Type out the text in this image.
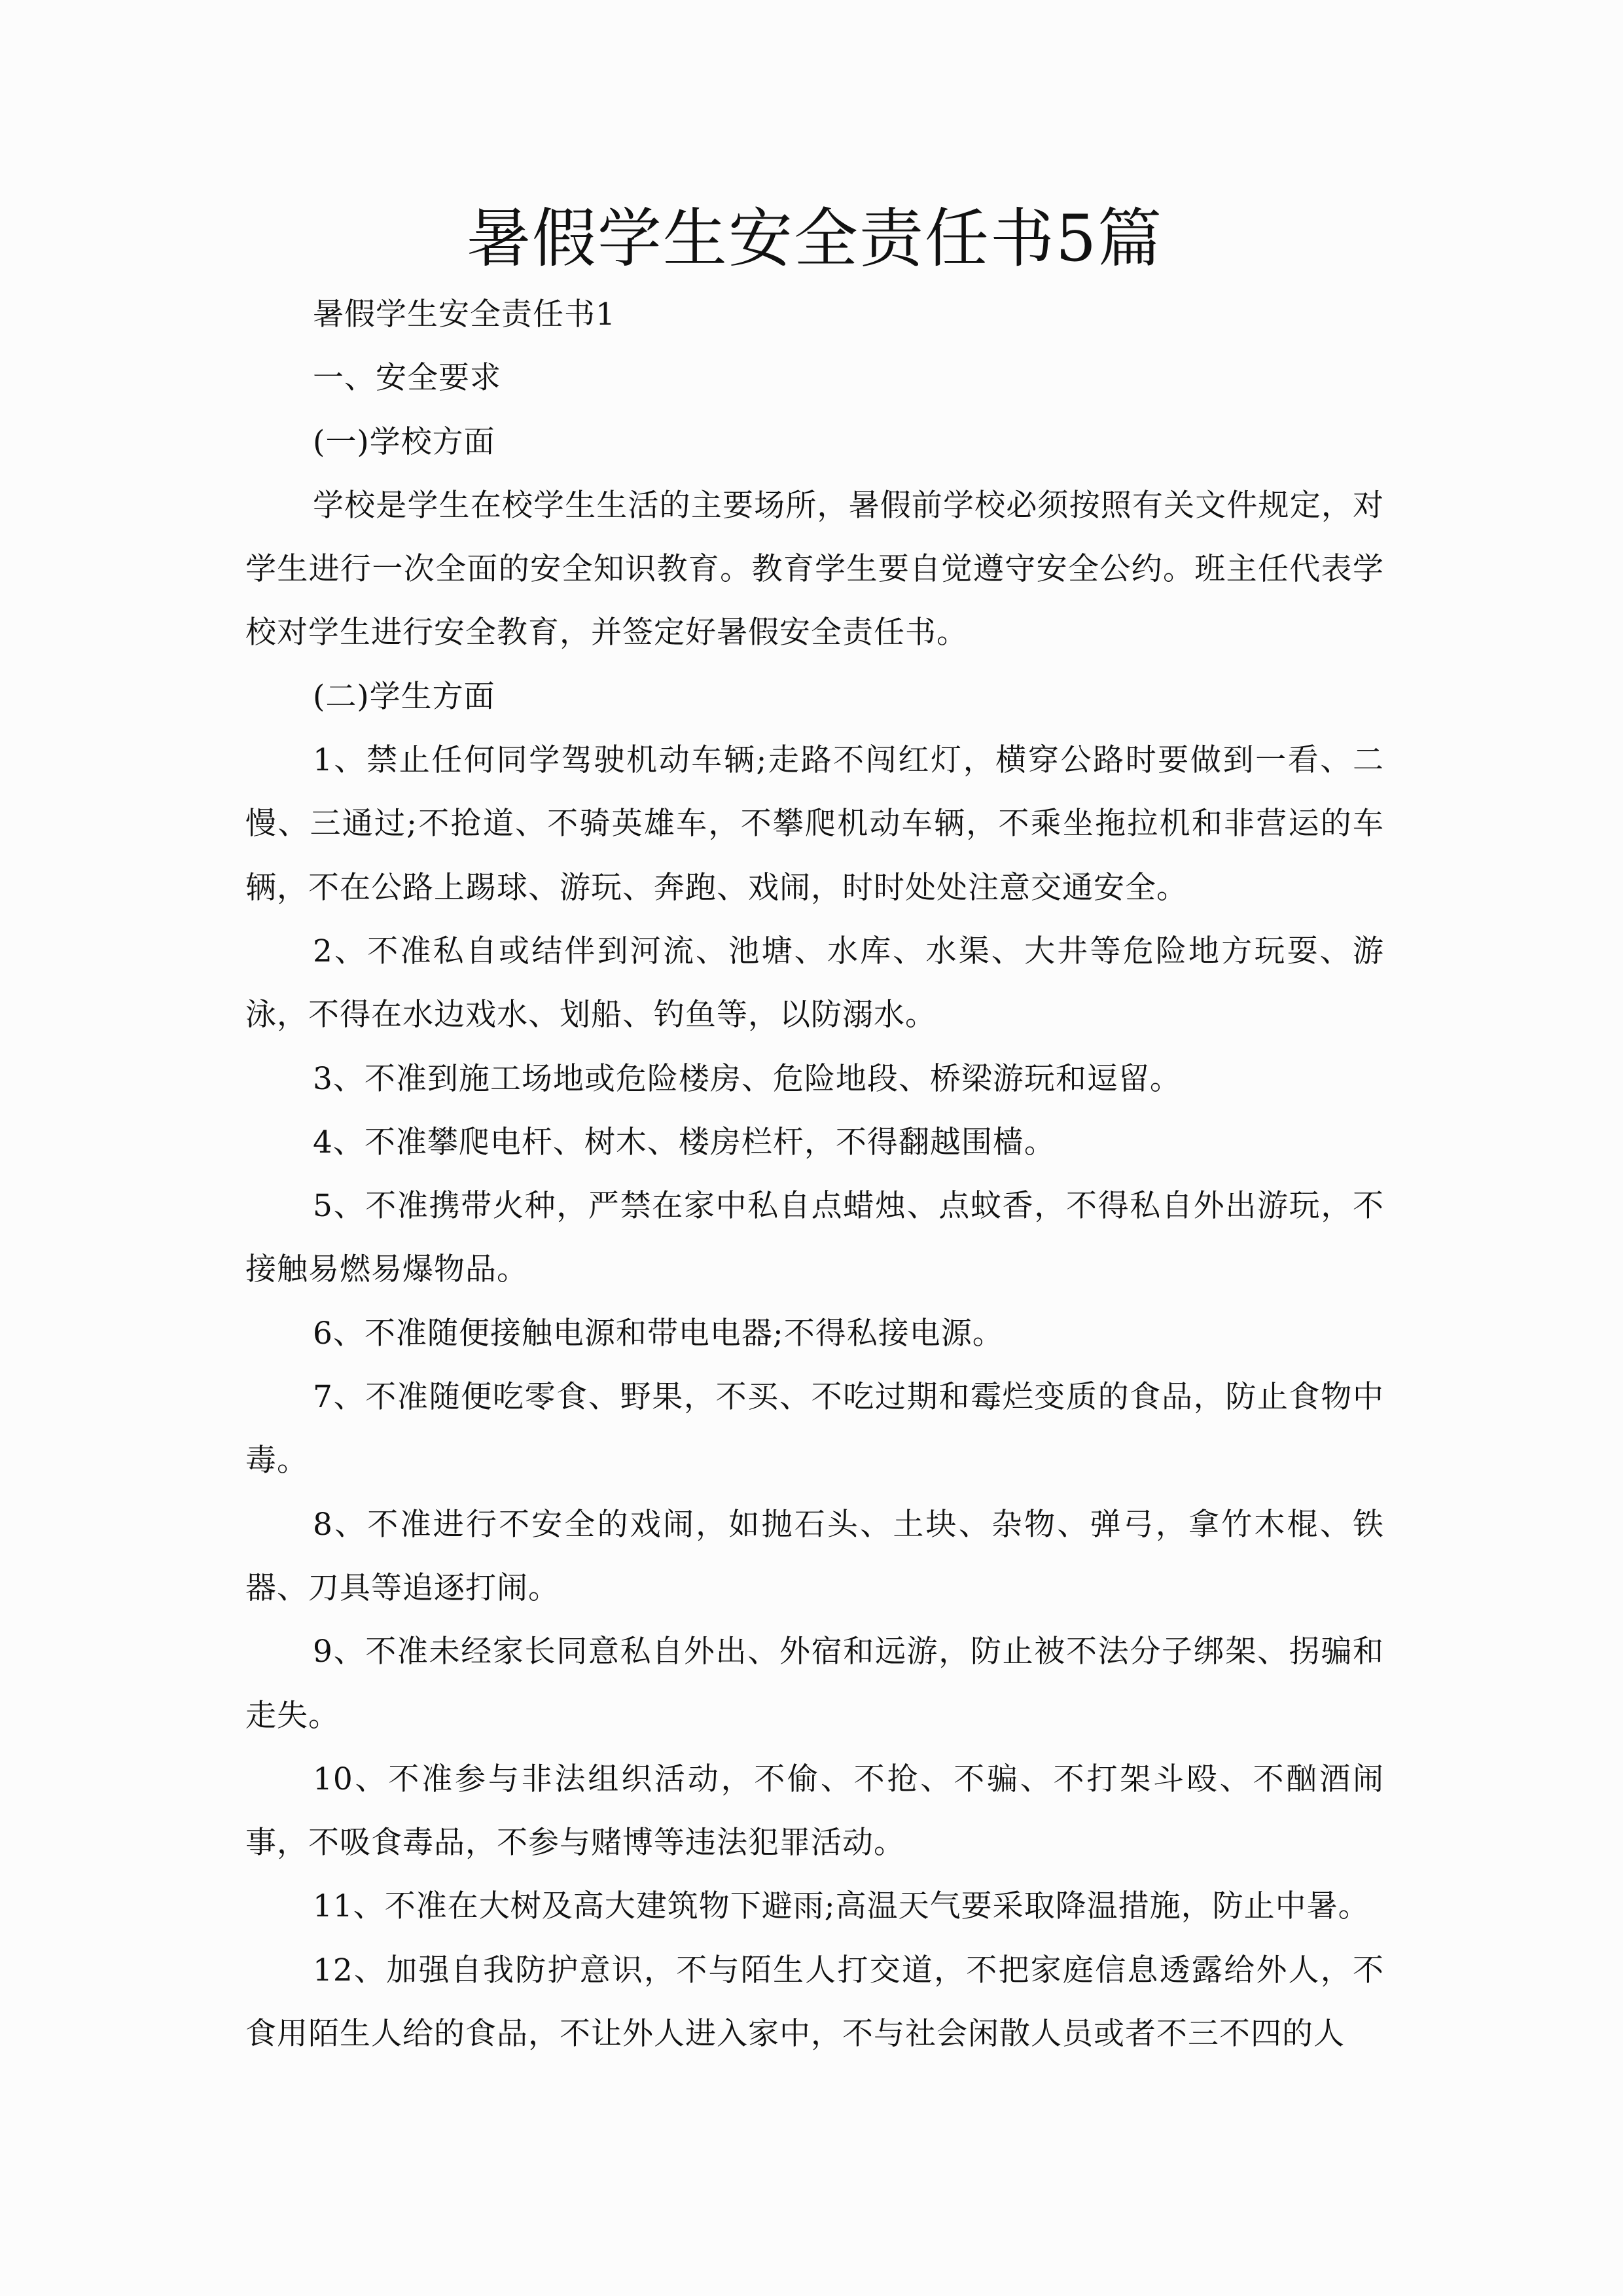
暑假学生安全责任书5篇

暑假学生安全责任书1

一、安全要求

(一)学校方面

学校是学生在校学生生活的主要场所，暑假前学校必须按照有关文件规定，对学生进行一次全面的安全知识教育。教育学生要自觉遵守安全公约。班主任代表学校对学生进行安全教育，并签定好暑假安全责任书。

(二)学生方面

1、禁止任何同学驾驶机动车辆;走路不闯红灯，横穿公路时要做到一看、二慢、三通过;不抢道、不骑英雄车，不攀爬机动车辆，不乘坐拖拉机和非营运的车辆，不在公路上踢球、游玩、奔跑、戏闹，时时处处注意交通安全。

2、不准私自或结伴到河流、池塘、水库、水渠、大井等危险地方玩耍、游泳，不得在水边戏水、划船、钓鱼等，以防溺水。

3、不准到施工场地或危险楼房、危险地段、桥梁游玩和逗留。

4、不准攀爬电杆、树木、楼房栏杆，不得翻越围樯。

5、不准携带火种，严禁在家中私自点蜡烛、点蚊香，不得私自外出游玩，不接触易燃易爆物品。

6、不准随便接触电源和带电电器;不得私接电源。

7、不准随便吃零食、野果，不买、不吃过期和霉烂变质的食品，防止食物中毒。

8、不准进行不安全的戏闹，如抛石头、土块、杂物、弹弓，拿竹木棍、铁器、刀具等追逐打闹。

9、不准未经家长同意私自外出、外宿和远游，防止被不法分子绑架、拐骗和走失。

10、不准参与非法组织活动，不偷、不抢、不骗、不打架斗殴、不酗酒闹事，不吸食毒品，不参与赌博等违法犯罪活动。

11、不准在大树及高大建筑物下避雨;高温天气要采取降温措施，防止中暑。

12、加强自我防护意识，不与陌生人打交道，不把家庭信息透露给外人，不食用陌生人给的食品，不让外人进入家中，不与社会闲散人员或者不三不四的人
